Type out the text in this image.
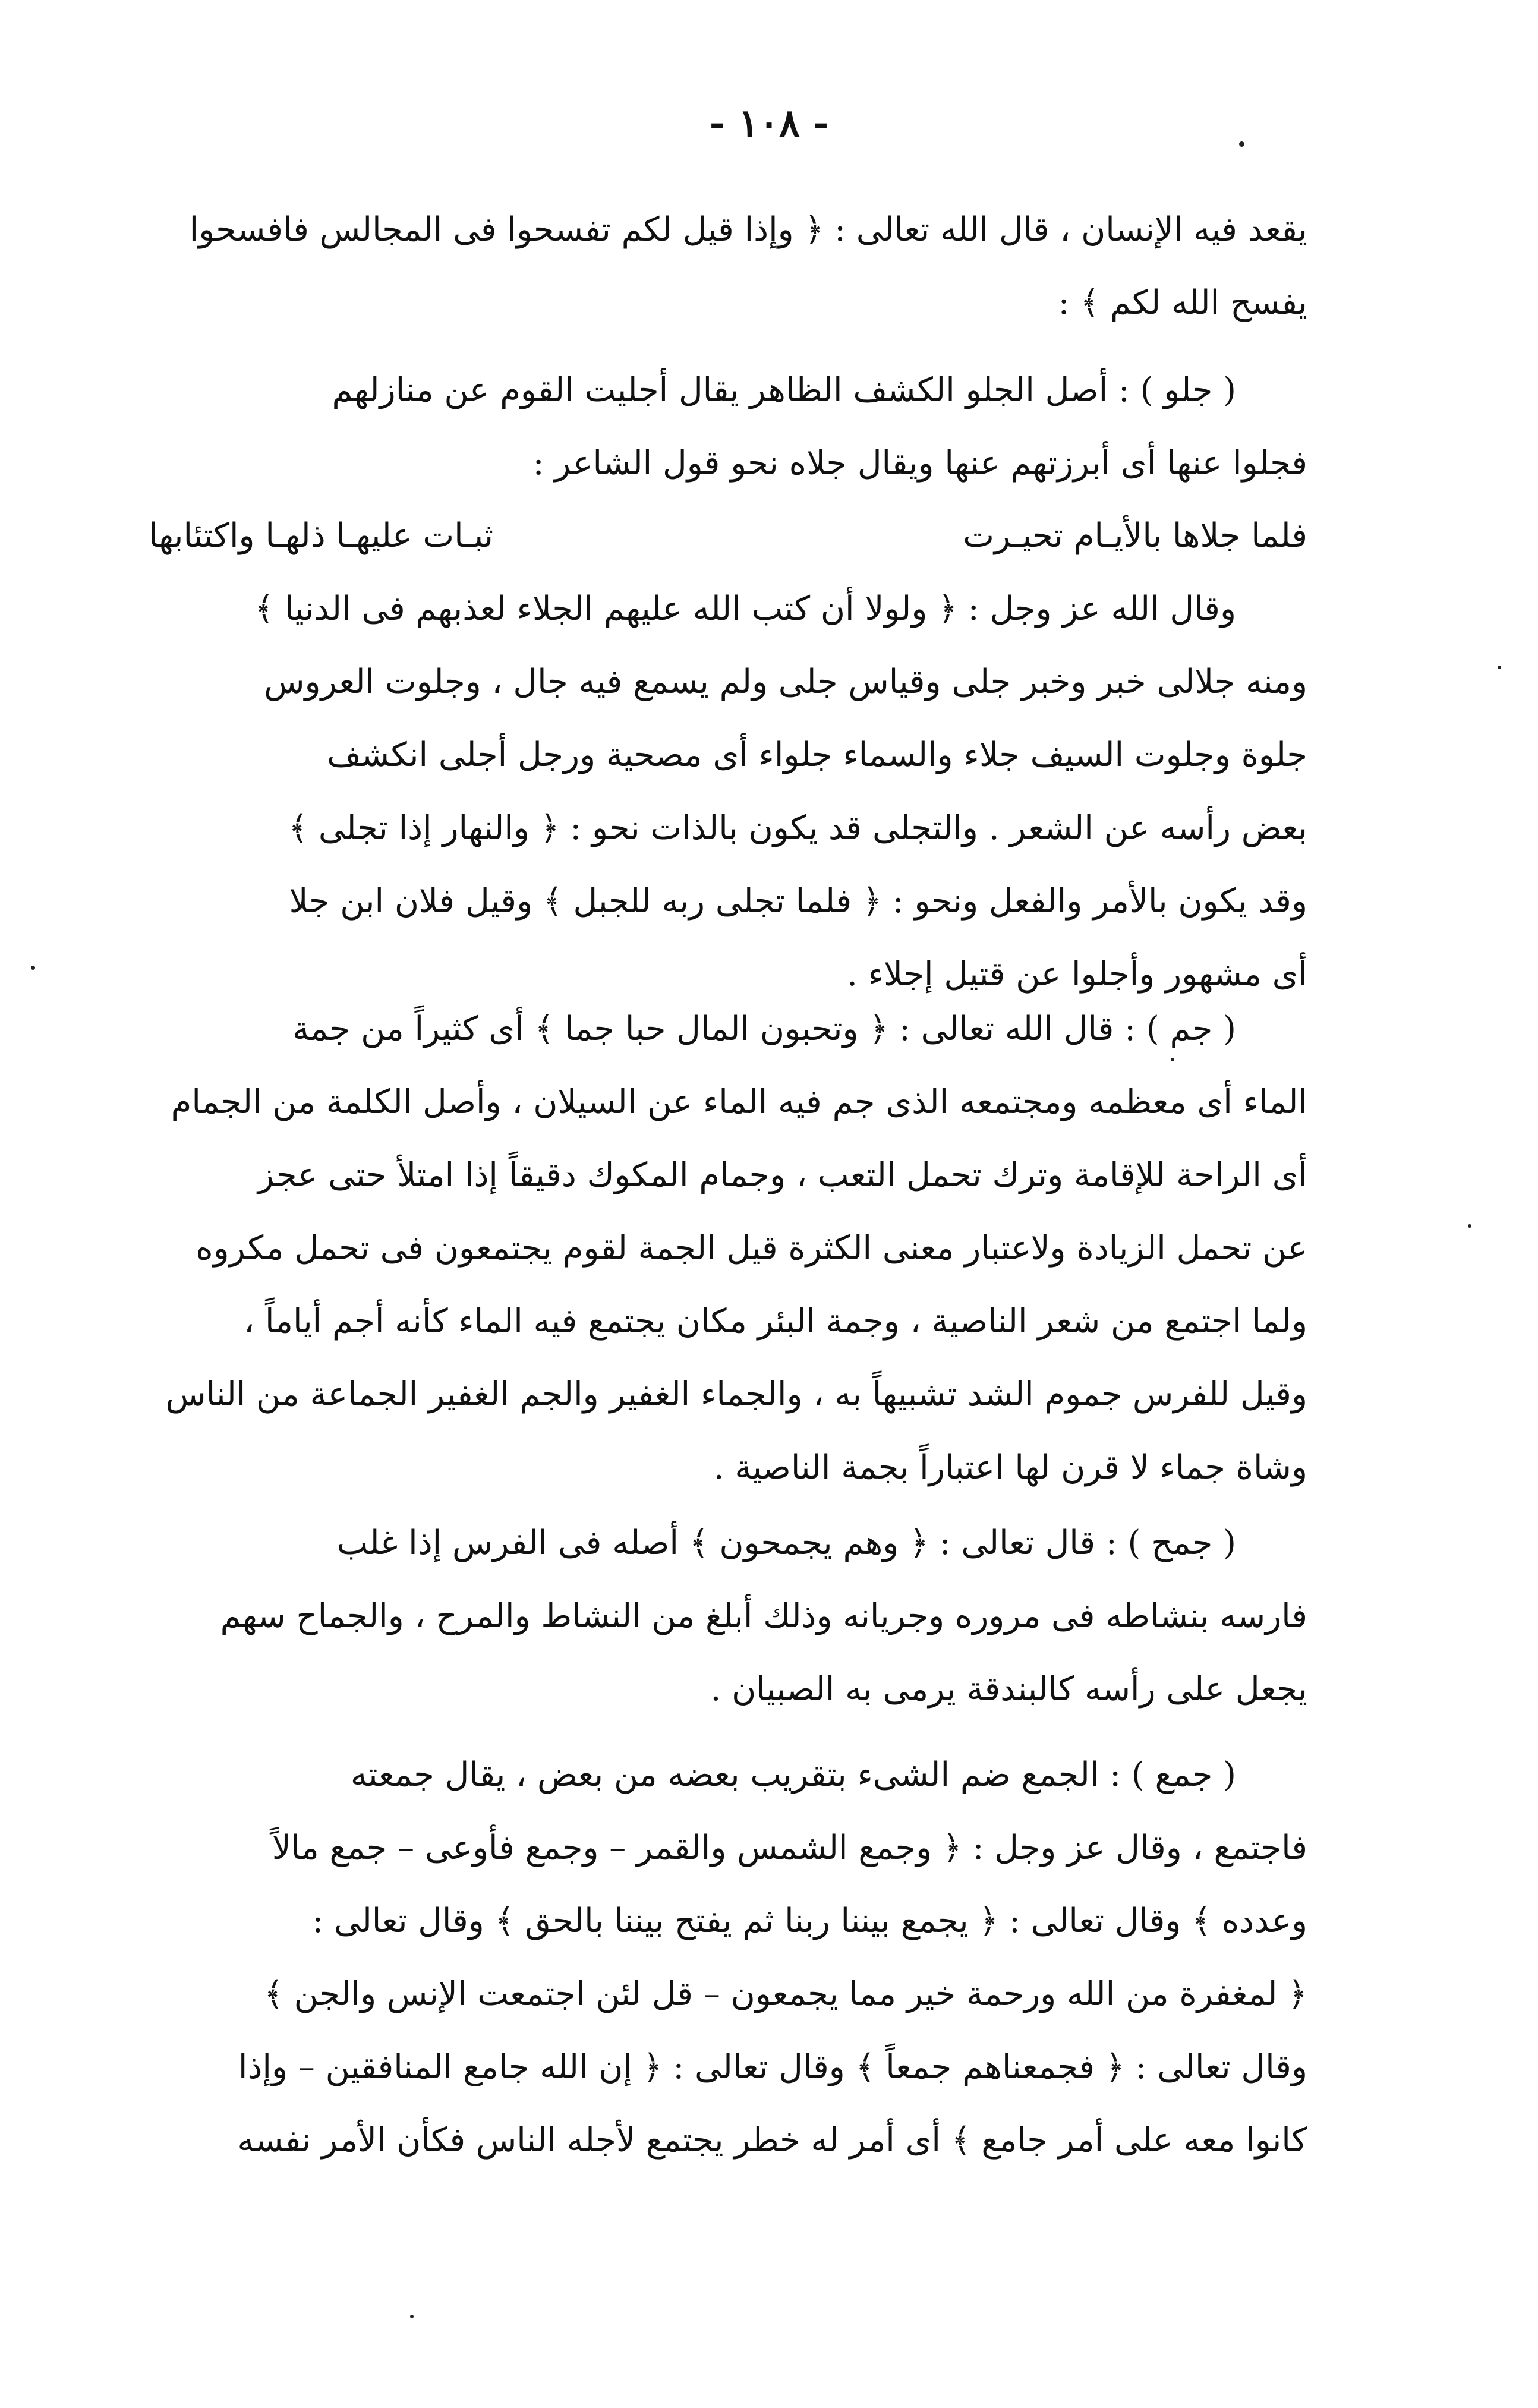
- ١٠٨ -
يقعد فيه الإنسان ، قال الله تعالى : ﴿ وإذا قيل لكم تفسحوا فى المجالس فافسحوا
يفسح الله لكم ﴾ :
( جلو ) : أصل الجلو الكشف الظاهر يقال أجليت القوم عن منازلهم
فجلوا عنها أى أبرزتهم عنها ويقال جلاه نحو قول الشاعر :
فلما جلاها بالأيـام تحيـرت
ثبـات عليهـا ذلهـا واكتئابها
وقال الله عز وجل : ﴿ ولولا أن كتب الله عليهم الجلاء لعذبهم فى الدنيا ﴾
ومنه جلالى خبر وخبر جلى وقياس جلى ولم يسمع فيه جال ، وجلوت العروس
جلوة وجلوت السيف جلاء والسماء جلواء أى مصحية ورجل أجلى انكشف
بعض رأسه عن الشعر . والتجلى قد يكون بالذات نحو : ﴿ والنهار إذا تجلى ﴾
وقد يكون بالأمر والفعل ونحو : ﴿ فلما تجلى ربه للجبل ﴾ وقيل فلان ابن جلا
أى مشهور وأجلوا عن قتيل إجلاء .
( جم ) : قال الله تعالى : ﴿ وتحبون المال حبا جما ﴾ أى كثيراً من جمة
الماء أى معظمه ومجتمعه الذى جم فيه الماء عن السيلان ، وأصل الكلمة من الجمام
أى الراحة للإقامة وترك تحمل التعب ، وجمام المكوك دقيقاً إذا امتلأ حتى عجز
عن تحمل الزيادة ولاعتبار معنى الكثرة قيل الجمة لقوم يجتمعون فى تحمل مكروه
ولما اجتمع من شعر الناصية ، وجمة البئر مكان يجتمع فيه الماء كأنه أجم أياماً ،
وقيل للفرس جموم الشد تشبيهاً به ، والجماء الغفير والجم الغفير الجماعة من الناس
وشاة جماء لا قرن لها اعتباراً بجمة الناصية .
( جمح ) : قال تعالى : ﴿ وهم يجمحون ﴾ أصله فى الفرس إذا غلب
فارسه بنشاطه فى مروره وجريانه وذلك أبلغ من النشاط والمرح ، والجماح سهم
يجعل على رأسه كالبندقة يرمى به الصبيان .
( جمع ) : الجمع ضم الشىء بتقريب بعضه من بعض ، يقال جمعته
فاجتمع ، وقال عز وجل : ﴿ وجمع الشمس والقمر – وجمع فأوعى – جمع مالاً
وعدده ﴾ وقال تعالى : ﴿ يجمع بيننا ربنا ثم يفتح بيننا بالحق ﴾ وقال تعالى :
﴿ لمغفرة من الله ورحمة خير مما يجمعون – قل لئن اجتمعت الإنس والجن ﴾
وقال تعالى : ﴿ فجمعناهم جمعاً ﴾ وقال تعالى : ﴿ إن الله جامع المنافقين – وإذا
كانوا معه على أمر جامع ﴾ أى أمر له خطر يجتمع لأجله الناس فكأن الأمر نفسه
